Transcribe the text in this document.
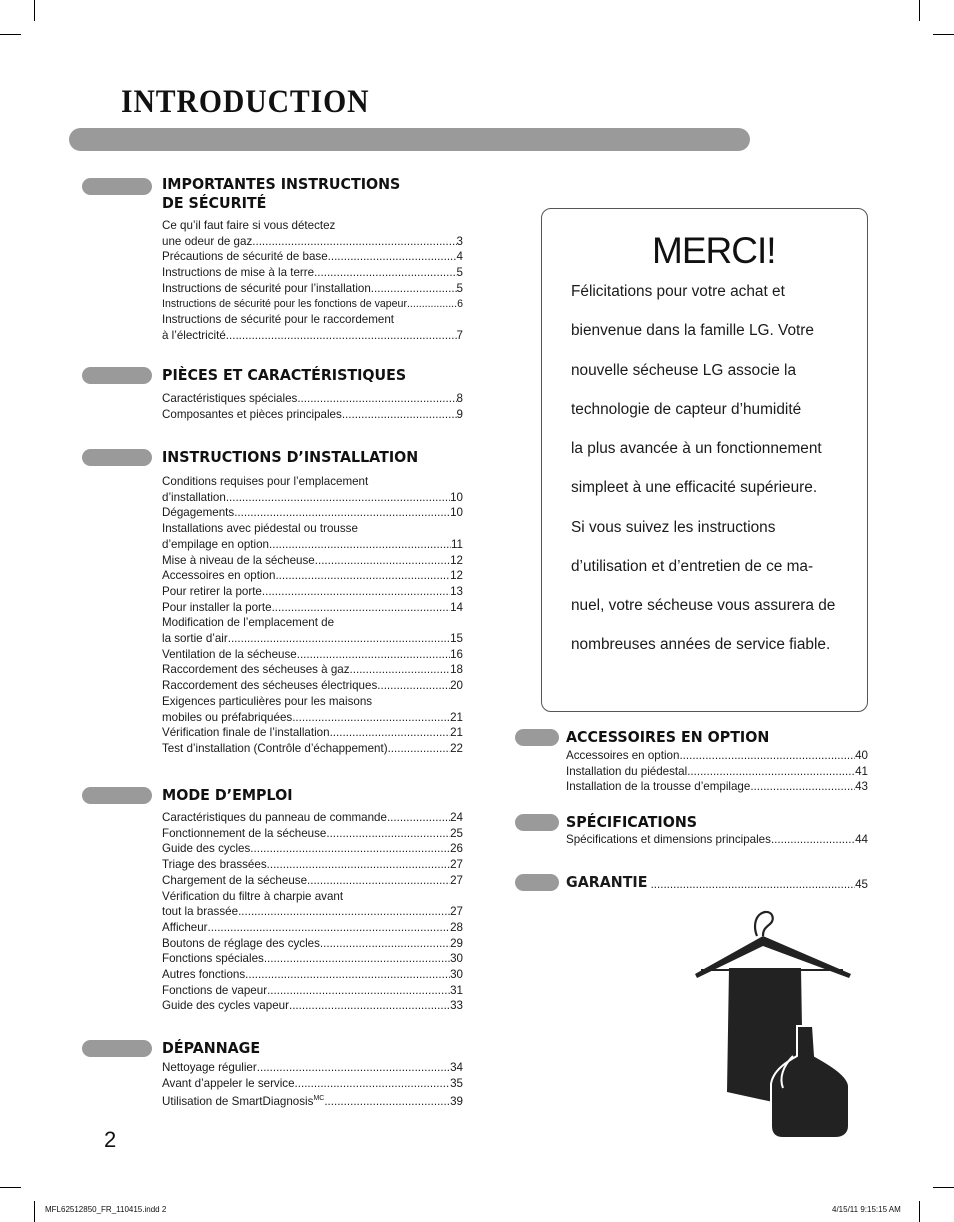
INTRODUCTION
IMPORTANTES INSTRUCTIONS
DE SÉCURITÉ
Ce qu’il faut faire si vous détectez
une odeur de gaz .....	3
Précautions de sécurité de base .....	4
Instructions de mise à la terre .....	5
Instructions de sécurité pour l’installation .....	5
Instructions de sécurité pour les fonctions de vapeur .....	6
Instructions de sécurité pour le raccordement
à l’électricité .....	7
PIÈCES ET CARACTÉRISTIQUES
Caractéristiques spéciales .....	8
Composantes et pièces principales .....	9
INSTRUCTIONS D’INSTALLATION
Conditions requises pour l’emplacement
d’installation .....	10
Dégagements .....	10
Installations avec piédestal ou trousse
d’empilage en option .....	11
Mise à niveau de la sécheuse .....	12
Accessoires en option .....	12
Pour retirer la porte .....	13
Pour installer la porte .....	14
Modification de l’emplacement de
la sortie d’air .....	15
Ventilation de la sécheuse .....	16
Raccordement des sécheuses à gaz .....	18
Raccordement des sécheuses électriques .....	20
Exigences particulières pour les maisons
mobiles ou préfabriquées .....	21
Vérification finale de l’installation .....	21
Test d’installation (Contrôle d’échappement) .....	22
MODE D’EMPLOI
Caractéristiques du panneau de commande .....	24
Fonctionnement de la sécheuse .....	25
Guide des cycles .....	26
Triage des brassées .....	27
Chargement de la sécheuse .....	27
Vérification du filtre à charpie avant
tout la brassée .....	27
Afficheur .....	28
Boutons de réglage des cycles .....	29
Fonctions spéciales .....	30
Autres fonctions .....	30
Fonctions de vapeur .....	31
Guide des cycles vapeur .....	33
DÉPANNAGE
Nettoyage régulier .....	34
Avant d’appeler le service .....	35
Utilisation de SmartDiagnosis$^{MC}$ .....	39
ACCESSOIRES EN OPTION
Accessoires en option .....	40
Installation du piédestal .....	41
Installation de la trousse d’empilage .....	43
SPÉCIFICATIONS
Spécifications et dimensions principales .....	44
GARANTIE .....	45
MERCI!
Félicitations pour votre achat et
bienvenue dans la famille LG. Votre
nouvelle sécheuse LG associe la
technologie de capteur d’humidité
la plus avancée à un fonctionnement
simpleet à une efficacité supérieure.
Si vous suivez les instructions
d’utilisation et d’entretien de ce ma-
nuel, votre sécheuse vous assurera de
nombreuses années de service fiable.
2
MFL62512850_FR_110415.indd 2	4/15/11 9:15:15 AM
